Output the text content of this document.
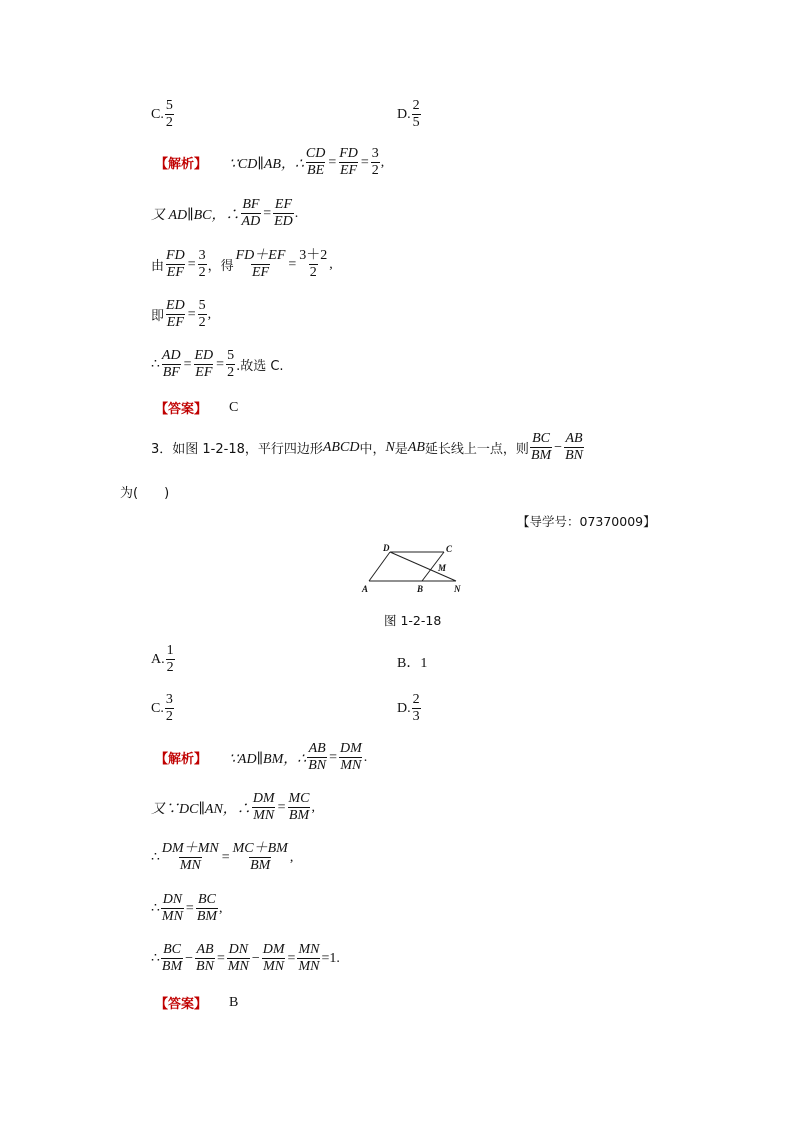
C. $\frac{5}{2}$	D. $\frac{2}{5}$
【解析】 ∵CD∥AB，∴ $\frac{CD}{BE} = \frac{FD}{EF} = \frac{3}{2}$ ,
又 AD∥BC，∴ $\frac{BF}{AD} = \frac{EF}{ED}$ .
由 $\frac{FD}{EF} = \frac{3}{2}$ ，得 $\frac{FD+EF}{EF} = \frac{3+2}{2}$ ,
即 $\frac{ED}{EF} = \frac{5}{2}$ ,
∴ $\frac{AD}{BF} = \frac{ED}{EF} = \frac{5}{2}$ .故选 C.
【答案】 C
3．如图 1-2-18，平行四边形 ABCD 中， N 是 AB 延长线上一点，则 $\frac{BC}{BM} - \frac{AB}{BN}$
为(　　)
【导学号：07370009】
D	C
M
A	B	N
图 1-2-18
A. $\frac{1}{2}$	B．1
C. $\frac{3}{2}$	D. $\frac{2}{3}$
【解析】 ∵AD∥BM，∴ $\frac{AB}{BN} = \frac{DM}{MN}$ .
又∵DC∥AN，∴ $\frac{DM}{MN} = \frac{MC}{BM}$ ,
∴ $\frac{DM+MN}{MN} = \frac{MC+BM}{BM}$ ,
∴ $\frac{DN}{MN} = \frac{BC}{BM}$ ,
∴ $\frac{BC}{BM} - \frac{AB}{BN} = \frac{DN}{MN} - \frac{DM}{MN} = \frac{MN}{MN} =1$.
【答案】 B
